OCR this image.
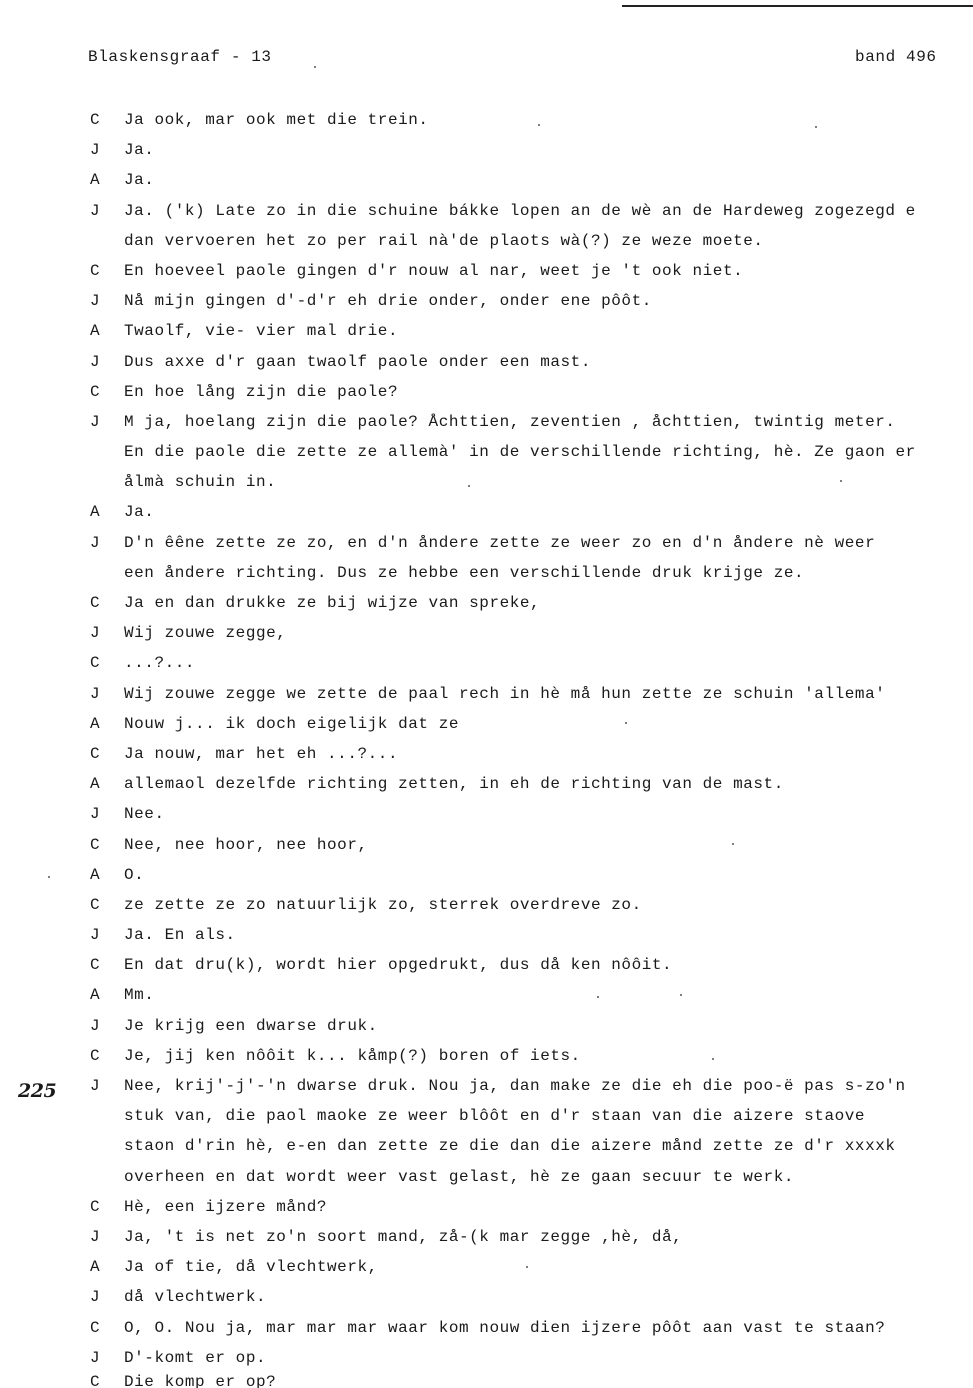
Blaskensgraaf - 13	band 496
225
C Ja ook, mar ook met die trein.
J Ja.
A Ja.
J Ja. ('k) Late zo in die schuine bákke lopen an de wè an de Hardeweg zogezegd e
dan vervoeren het zo per rail nà'de plaots wà(?) ze weze moete.
C En hoeveel paole gingen d'r nouw al nar, weet je 't ook niet.
J Nå mijn gingen d'-d'r eh drie onder, onder ene pôôt.
A Twaolf, vie- vier mal drie.
J Dus axxe d'r gaan twaolf paole onder een mast.
C En hoe lång zijn die paole?
J M ja, hoelang zijn die paole? Åchttien, zeventien , åchttien, twintig meter.
En die paole die zette ze allemà' in de verschillende richting, hè. Ze gaon er
ålmà schuin in.
A Ja.
J D'n êêne zette ze zo, en d'n åndere zette ze weer zo en d'n åndere nè weer
een åndere richting. Dus ze hebbe een verschillende druk krijge ze.
C Ja en dan drukke ze bij wijze van spreke,
J Wij zouwe zegge,
C ...?...
J Wij zouwe zegge we zette de paal rech in hè må hun zette ze schuin 'allema'
A Nouw j... ik doch eigelijk dat ze
C Ja nouw, mar het eh ...?...
A allemaol dezelfde richting zetten, in eh de richting van de mast.
J Nee.
C Nee, nee hoor, nee hoor,
A O.
C ze zette ze zo natuurlijk zo, sterrek overdreve zo.
J Ja. En als.
C En dat dru(k), wordt hier opgedrukt, dus då ken nôôit.
A Mm.
J Je krijg een dwarse druk.
C Je, jij ken nôôit k... kåmp(?) boren of iets.
J Nee, krij'-j'-'n dwarse druk. Nou ja, dan make ze die eh die poo-ë pas s-zo'n
stuk van, die paol maoke ze weer blôôt en d'r staan van die aizere staove
staon d'rin hè, e-en dan zette ze die dan die aizere månd zette ze d'r xxxxk
overheen en dat wordt weer vast gelast, hè ze gaan secuur te werk.
C Hè, een ijzere månd?
J Ja, 't is net zo'n soort mand, zå-(k mar zegge ,hè, då,
A Ja of tie, då vlechtwerk,
J då vlechtwerk.
C O, O. Nou ja, mar mar mar waar kom nouw dien ijzere pôôt aan vast te staan?
J D'-komt er op.

C

Die komp er op?
